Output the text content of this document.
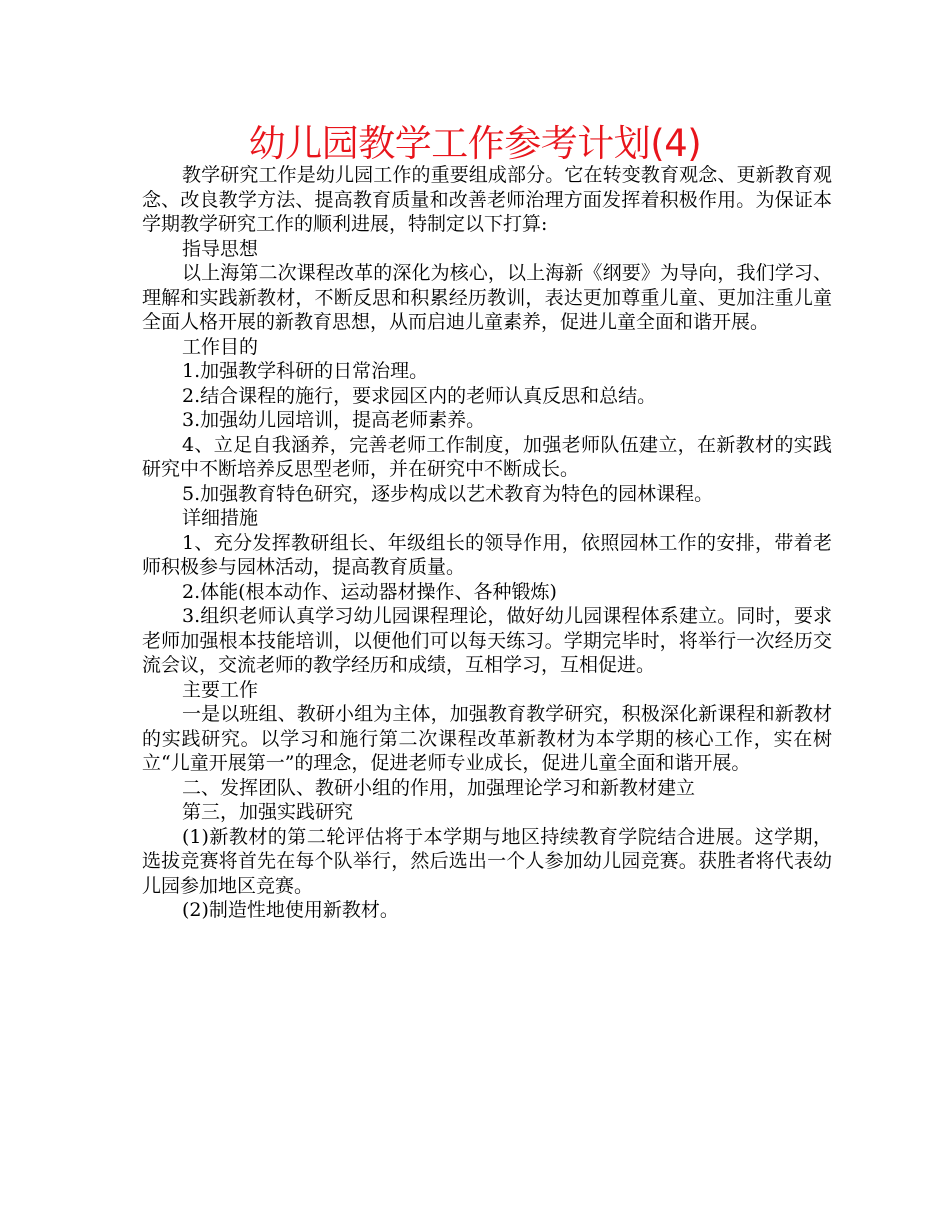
幼儿园教学工作参考计划(4)

教学研究工作是幼儿园工作的重要组成部分。它在转变教育观念、更新教育观念、改良教学方法、提高教育质量和改善老师治理方面发挥着积极作用。为保证本学期教学研究工作的顺利进展，特制定以下打算:

指导思想

以上海第二次课程改革的深化为核心，以上海新《纲要》为导向，我们学习、理解和实践新教材，不断反思和积累经历教训，表达更加尊重儿童、更加注重儿童全面人格开展的新教育思想，从而启迪儿童素养，促进儿童全面和谐开展。

工作目的

1.加强教学科研的日常治理。

2.结合课程的施行，要求园区内的老师认真反思和总结。

3.加强幼儿园培训，提高老师素养。

4、立足自我涵养，完善老师工作制度，加强老师队伍建立，在新教材的实践研究中不断培养反思型老师，并在研究中不断成长。

5.加强教育特色研究，逐步构成以艺术教育为特色的园林课程。

详细措施

1、充分发挥教研组长、年级组长的领导作用，依照园林工作的安排，带着老师积极参与园林活动，提高教育质量。

2.体能(根本动作、运动器材操作、各种锻炼)

3.组织老师认真学习幼儿园课程理论，做好幼儿园课程体系建立。同时，要求老师加强根本技能培训，以便他们可以每天练习。学期完毕时，将举行一次经历交流会议，交流老师的教学经历和成绩，互相学习，互相促进。

主要工作

一是以班组、教研小组为主体，加强教育教学研究，积极深化新课程和新教材的实践研究。以学习和施行第二次课程改革新教材为本学期的核心工作，实在树立“儿童开展第一”的理念，促进老师专业成长，促进儿童全面和谐开展。

二、发挥团队、教研小组的作用，加强理论学习和新教材建立

第三，加强实践研究

(1)新教材的第二轮评估将于本学期与地区持续教育学院结合进展。这学期，选拔竞赛将首先在每个队举行，然后选出一个人参加幼儿园竞赛。获胜者将代表幼儿园参加地区竞赛。

(2)制造性地使用新教材。
